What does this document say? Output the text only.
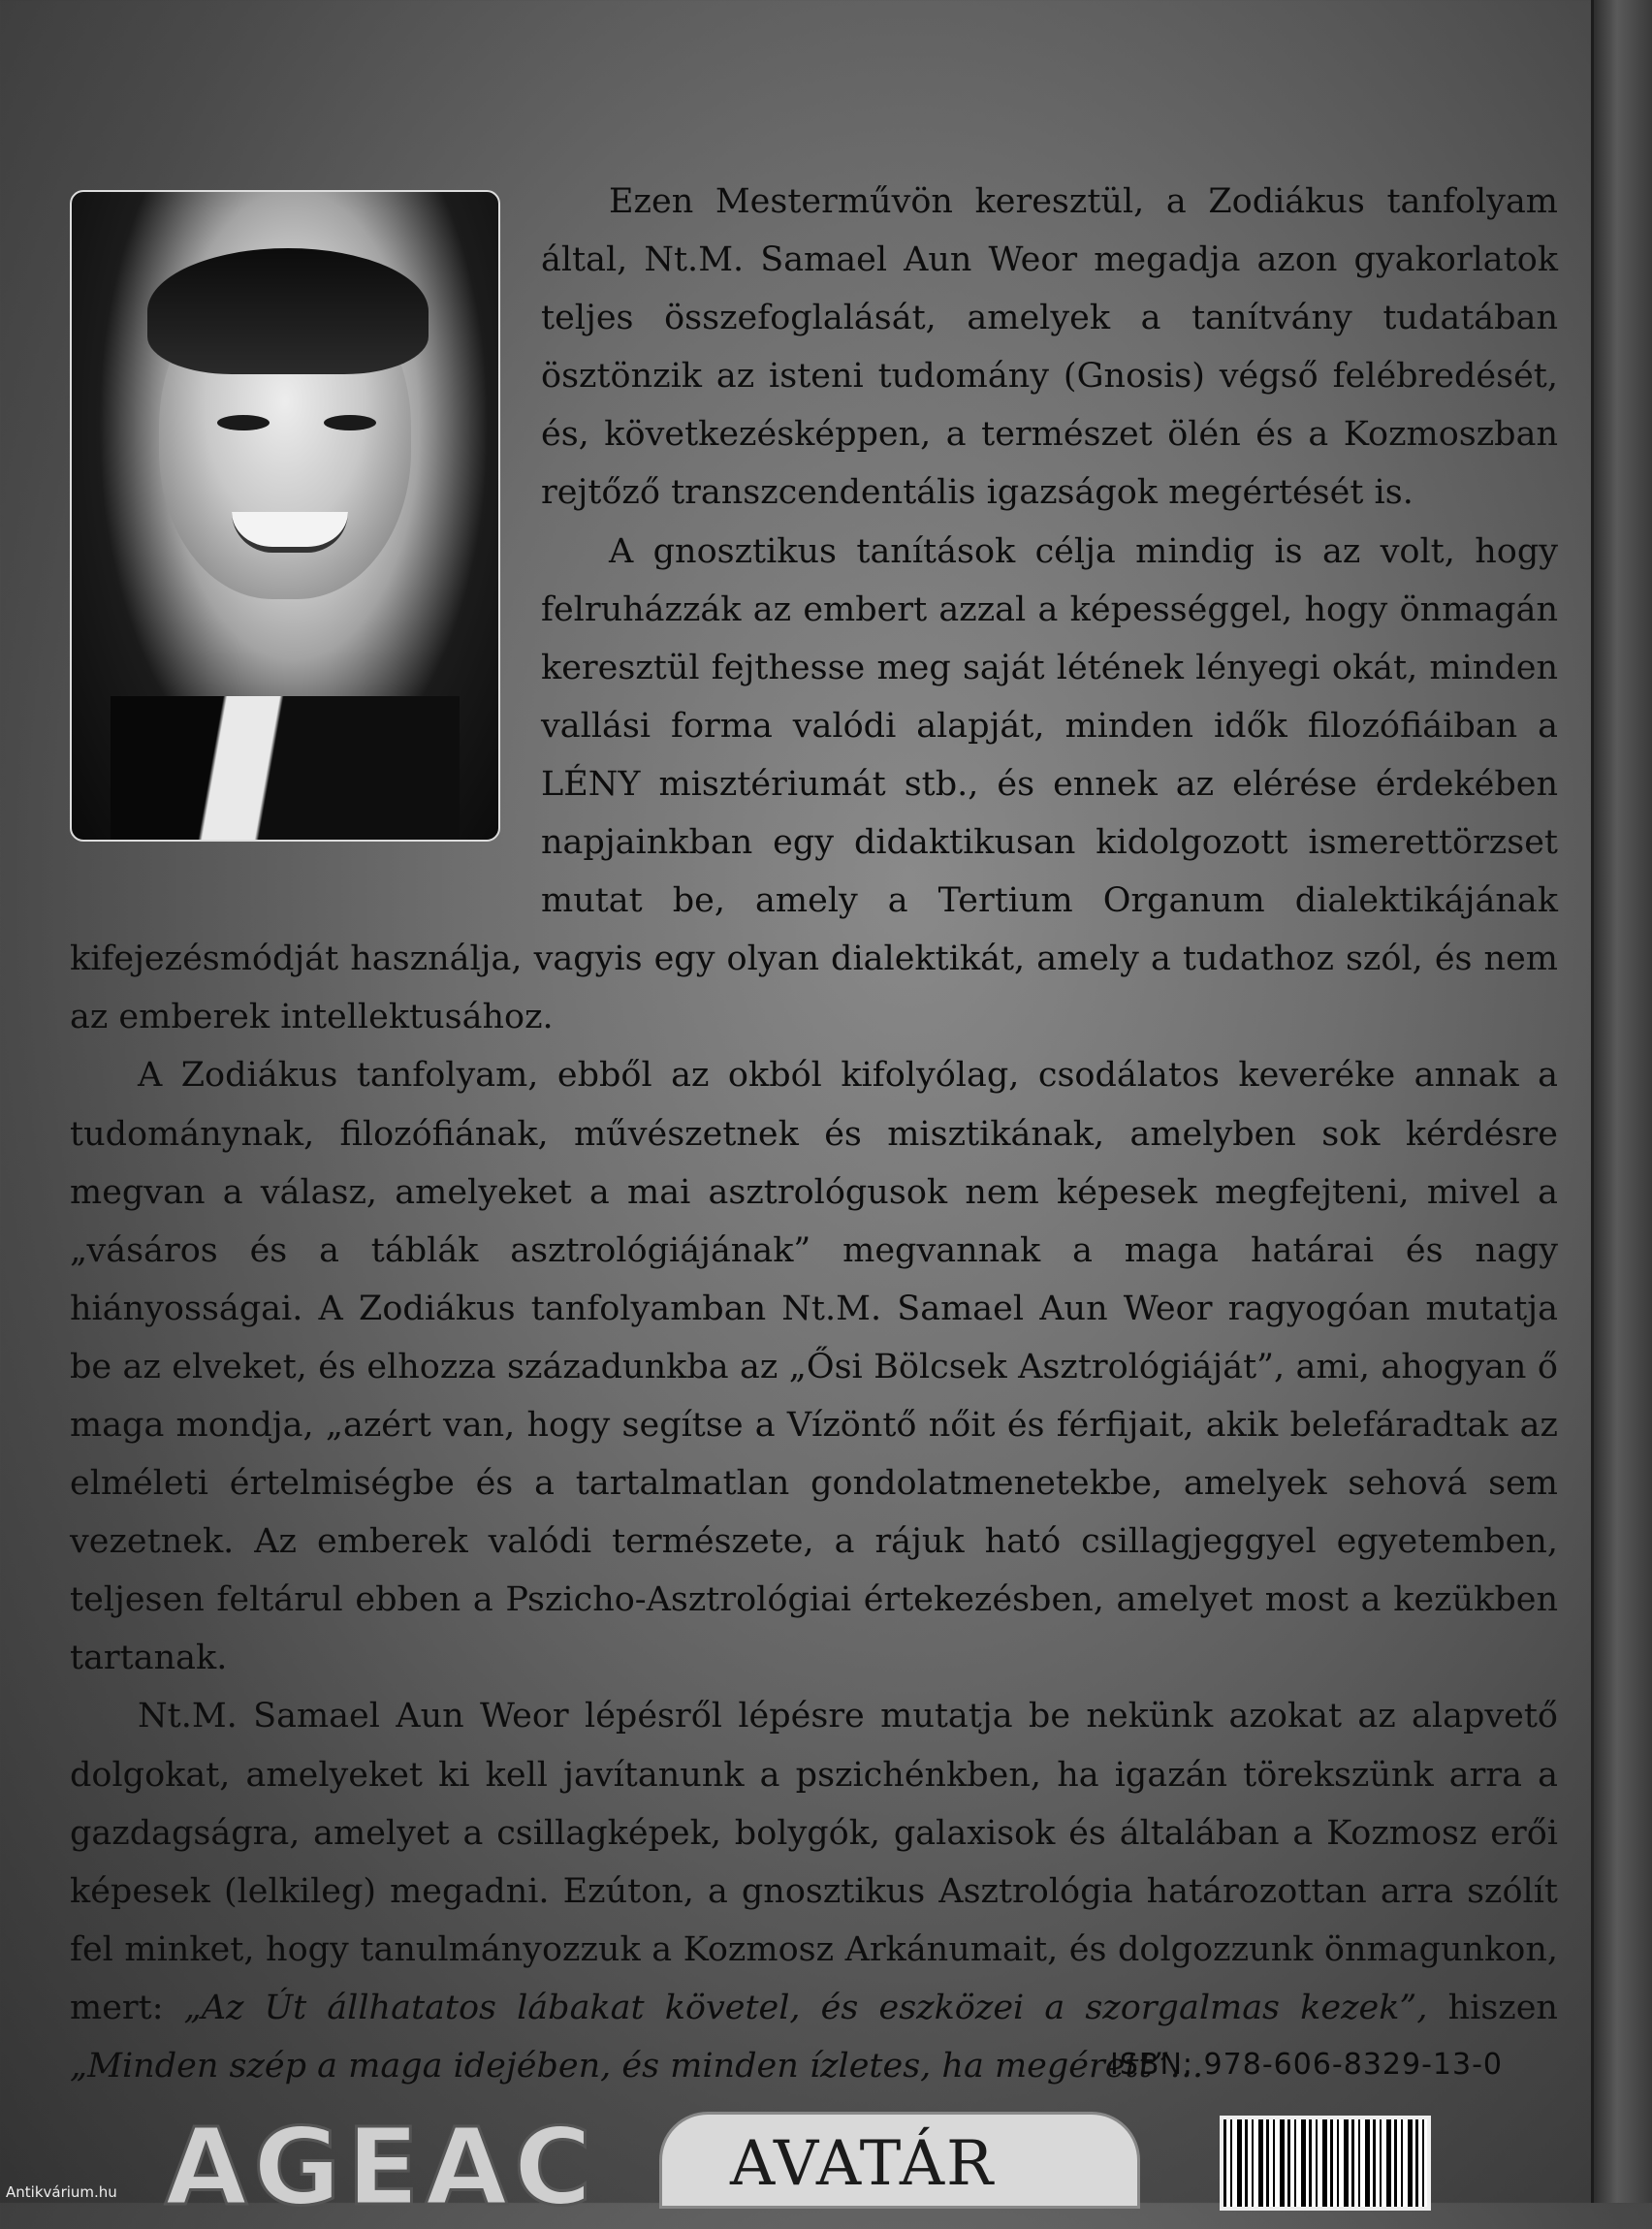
Ezen Mesterművön keresztül, a Zodiákus tanfolyam által, Nt.M. Samael Aun Weor megadja azon gyakorlatok teljes összefoglalását, amelyek a tanítvány tudatában ösztönzik az isteni tudomány (Gnosis) végső felébredését, és, következésképpen, a természet ölén és a Kozmoszban rejtőző transzcendentális igazságok megértését is.

A gnosztikus tanítások célja mindig is az volt, hogy felruházzák az embert azzal a képességgel, hogy önmagán keresztül fejthesse meg saját létének lényegi okát, minden vallási forma valódi alapját, minden idők filozófiáiban a LÉNY misztériumát stb., és ennek az elérése érdekében napjainkban egy didaktikusan kidolgozott ismerettörzset mutat be, amely a Tertium Organum dialektikájának kifejezésmódját használja, vagyis egy olyan dialektikát, amely a tudathoz szól, és nem az emberek intellektusához.

A Zodiákus tanfolyam, ebből az okból kifolyólag, csodálatos keveréke annak a tudománynak, filozófiának, művészetnek és misztikának, amelyben sok kérdésre megvan a válasz, amelyeket a mai asztrológusok nem képesek megfejteni, mivel a „vásáros és a táblák asztrológiájának” megvannak a maga határai és nagy hiányosságai. A Zodiákus tanfolyamban Nt.M. Samael Aun Weor ragyogóan mutatja be az elveket, és elhozza századunkba az „Ősi Bölcsek Asztrológiáját”, ami, ahogyan ő maga mondja, „azért van, hogy segítse a Vízöntő nőit és férfijait, akik belefáradtak az elméleti értelmiségbe és a tartalmatlan gondolatmenetekbe, amelyek sehová sem vezetnek. Az emberek valódi természete, a rájuk ható csillagjeggyel egyetemben, teljesen feltárul ebben a Pszicho-Asztrológiai értekezésben, amelyet most a kezükben tartanak.

Nt.M. Samael Aun Weor lépésről lépésre mutatja be nekünk azokat az alapvető dolgokat, amelyeket ki kell javítanunk a pszichénkben, ha igazán törekszünk arra a gazdagságra, amelyet a csillagképek, bolygók, galaxisok és általában a Kozmosz erői képesek (lelkileg) megadni. Ezúton, a gnosztikus Asztrológia határozottan arra szólít fel minket, hogy tanulmányozzuk a Kozmosz Arkánumait, és dolgozzunk önmagunkon, mert: „Az Út állhatatos lábakat követel, és eszközei a szorgalmas kezek”, hiszen „Minden szép a maga idejében, és minden ízletes, ha megérett”…

ISBN: 978-606-8329-13-0
AGEAC AVATÁR
Antikvárium.hu
